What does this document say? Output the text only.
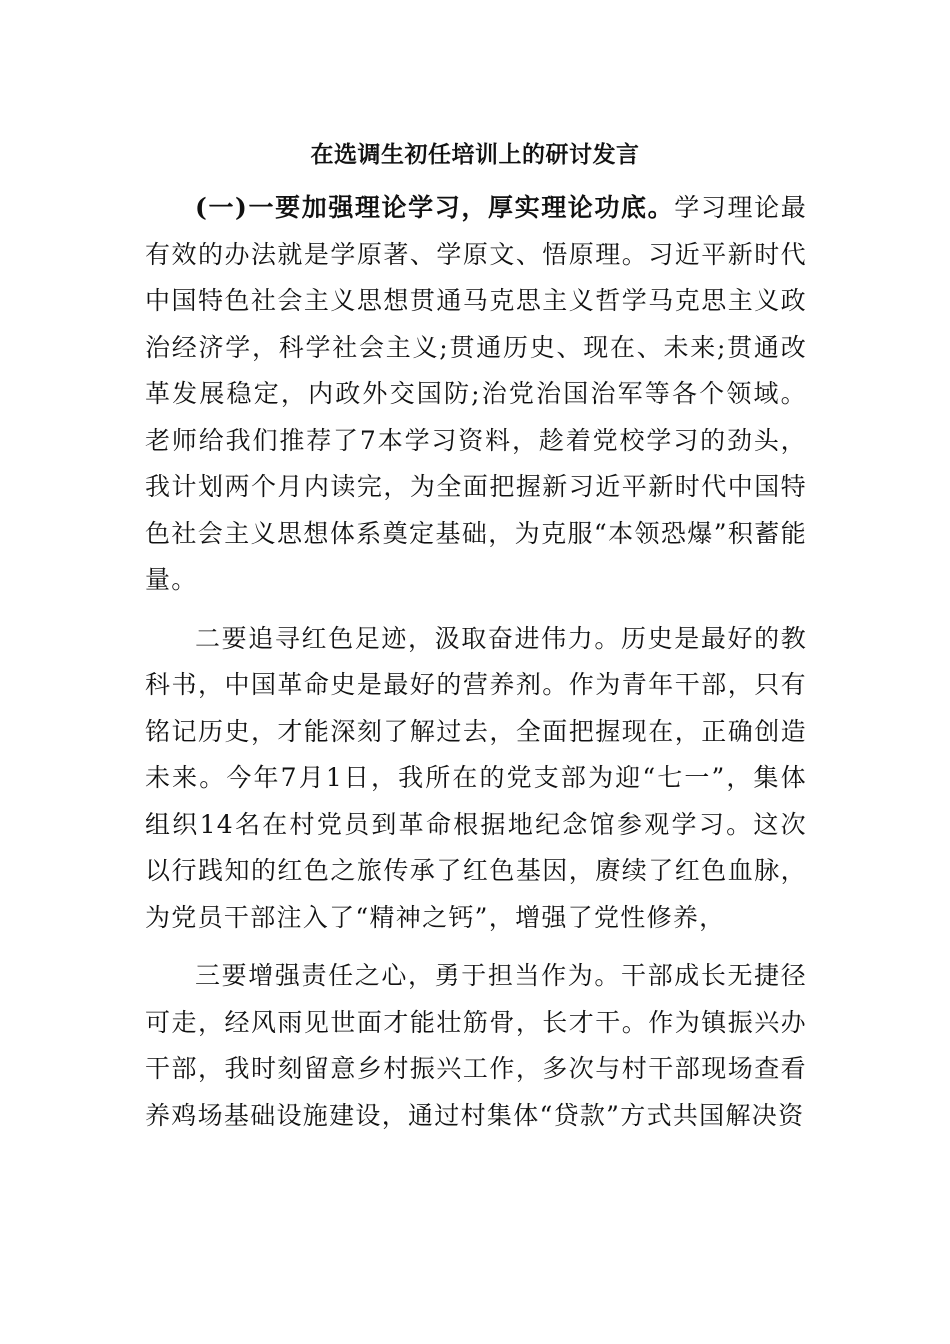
在选调生初任培训上的研讨发言

(一)一要加强理论学习，厚实理论功底。学习理论最有效的办法就是学原著、学原文、悟原理。习近平新时代中国特色社会主义思想贯通马克思主义哲学马克思主义政治经济学，科学社会主义;贯通历史、现在、未来;贯通改革发展稳定，内政外交国防;治党治国治军等各个领域。老师给我们推荐了7本学习资料，趁着党校学习的劲头，我计划两个月内读完，为全面把握新习近平新时代中国特色社会主义思想体系奠定基础，为克服“本领恐爆”积蓄能量。

二要追寻红色足迹，汲取奋进伟力。历史是最好的教科书，中国革命史是最好的营养剂。作为青年干部，只有铭记历史，才能深刻了解过去，全面把握现在，正确创造未来。今年7月1日，我所在的党支部为迎“七一”，集体组织14名在村党员到革命根据地纪念馆参观学习。这次以行践知的红色之旅传承了红色基因，赓续了红色血脉，为党员干部注入了“精神之钙”，增强了党性修养，

三要增强责任之心，勇于担当作为。干部成长无捷径可走，经风雨见世面才能壮筋骨，长才干。作为镇振兴办干部，我时刻留意乡村振兴工作，多次与村干部现场查看养鸡场基础设施建设，通过村集体“贷款”方式共国解决资
